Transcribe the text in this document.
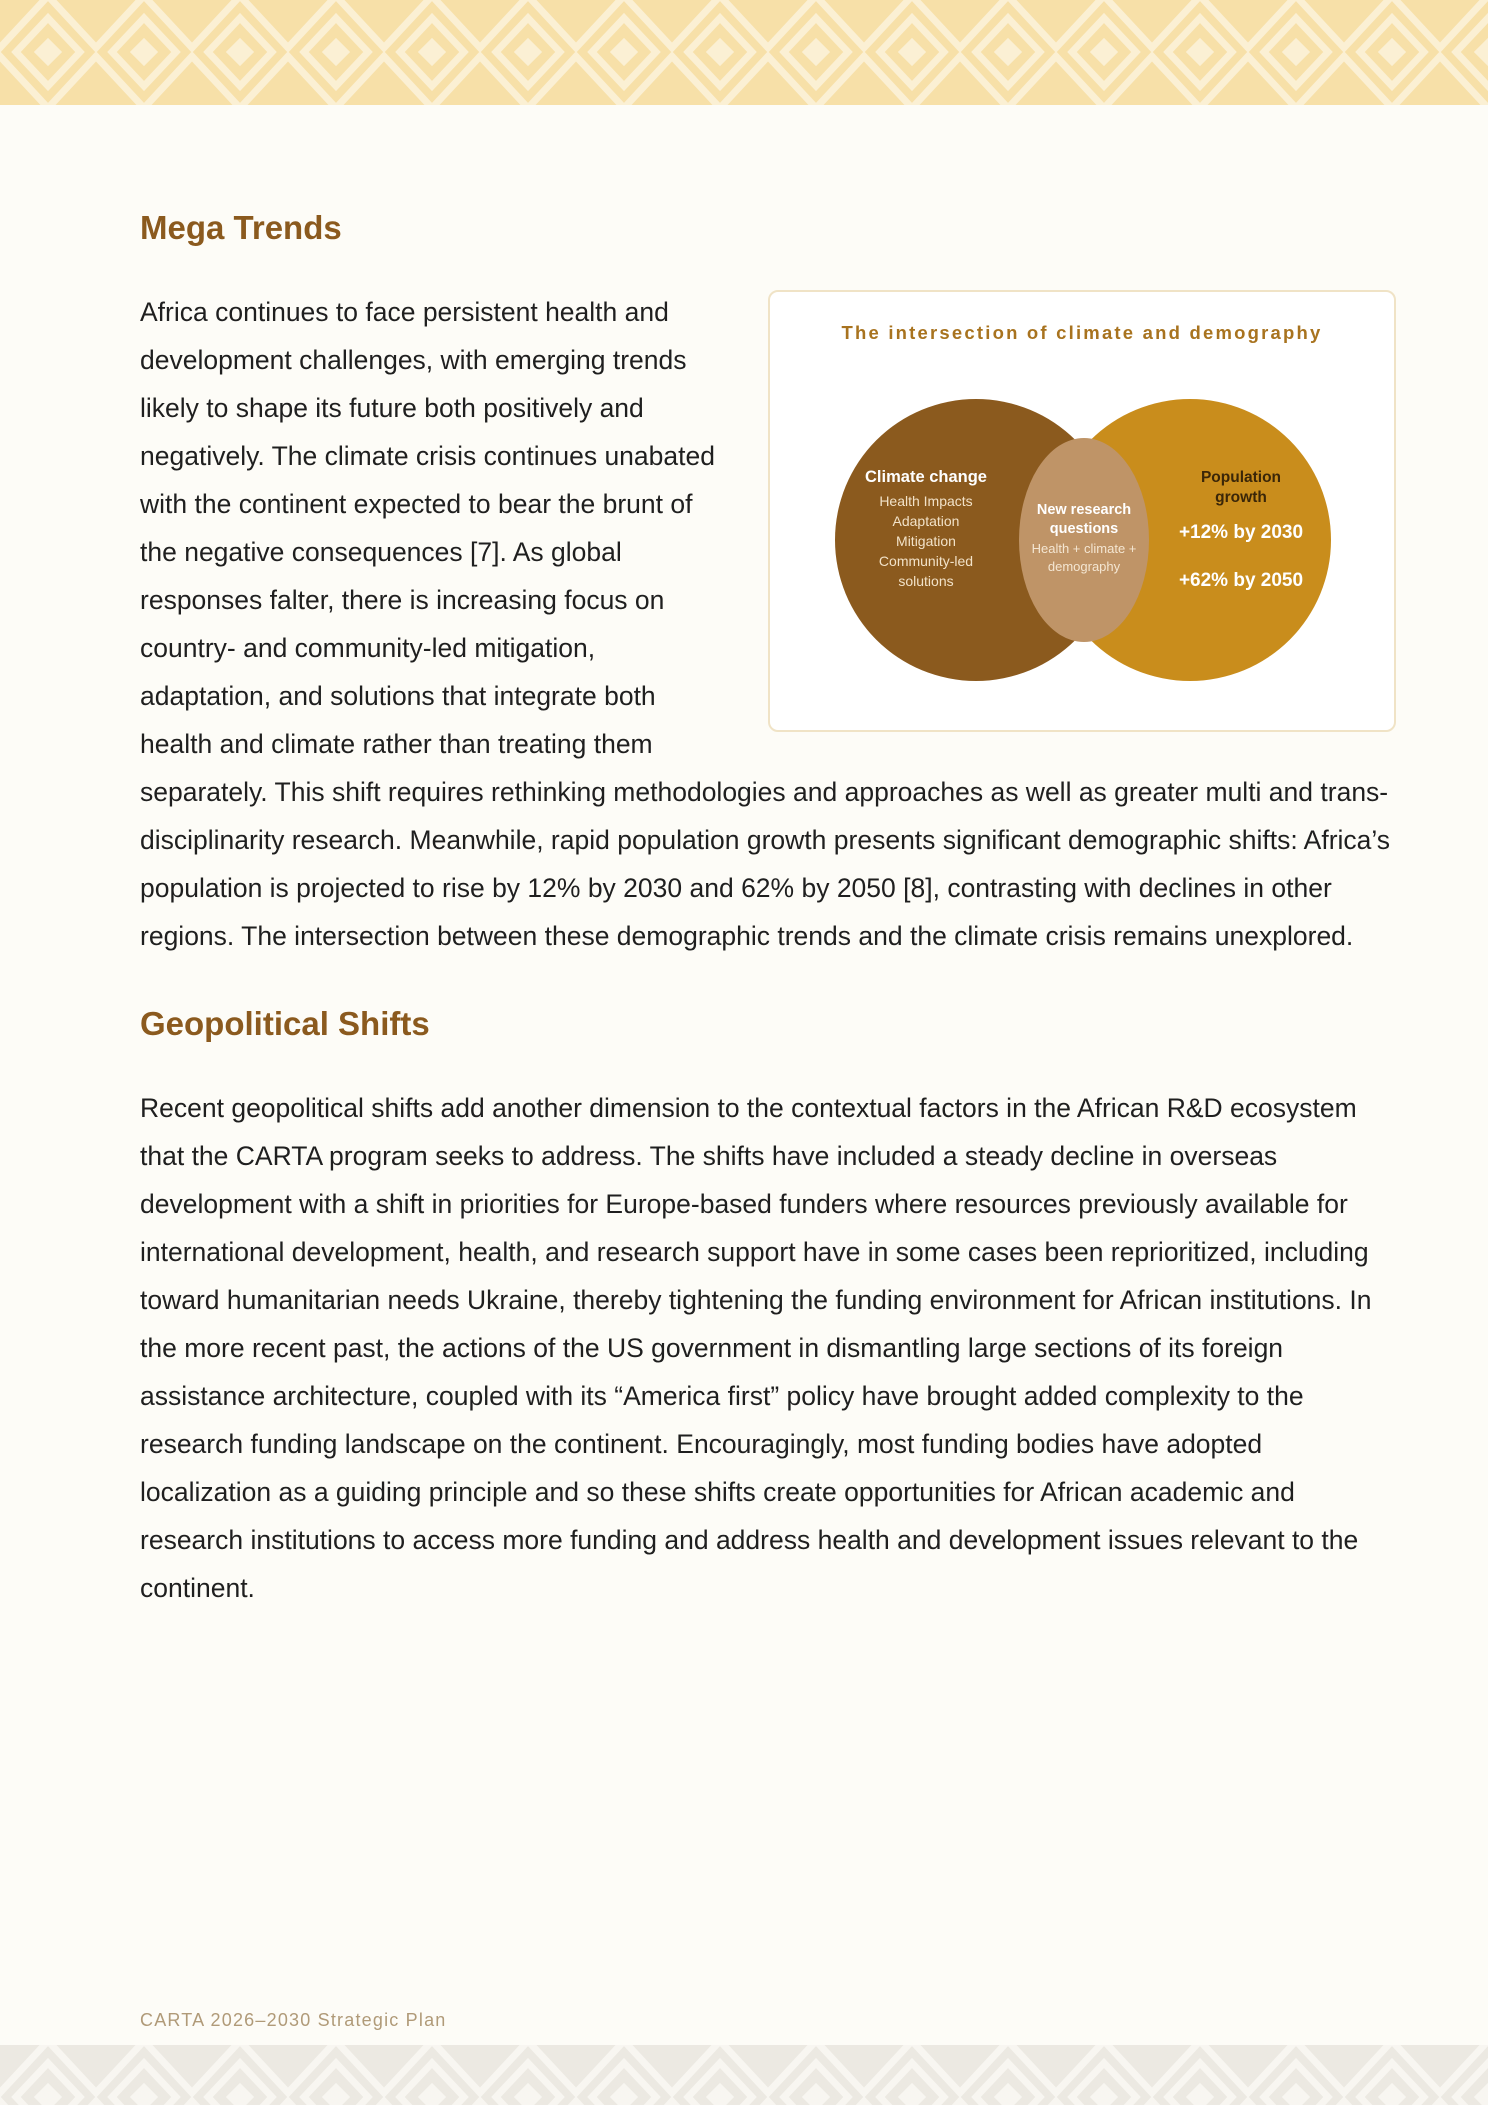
Mega Trends
The intersection of climate and demography
Climate change
Health Impacts
Adaptation
Mitigation
Community-led
solutions
New research
questions
Health + climate +
demography
Population
growth
+12% by 2030
+62% by 2050

Africa continues to face persistent health and development challenges, with emerging trends likely to shape its future both positively and negatively. The climate crisis continues unabated with the continent expected to bear the brunt of the negative consequences [7]. As global responses falter, there is increasing focus on country- and community-led mitigation, adaptation, and solutions that integrate both health and climate rather than treating them separately. This shift requires rethinking methodologies and approaches as well as greater multi and trans-disciplinarity research. Meanwhile, rapid population growth presents significant demographic shifts: Africa’s population is projected to rise by 12% by 2030 and 62% by 2050 [8], contrasting with declines in other regions. The intersection between these demographic trends and the climate crisis remains unexplored.

Geopolitical Shifts

Recent geopolitical shifts add another dimension to the contextual factors in the African R&D ecosystem that the CARTA program seeks to address. The shifts have included a steady decline in overseas development with a shift in priorities for Europe-based funders where resources previously available for international development, health, and research support have in some cases been reprioritized, including toward humanitarian needs Ukraine, thereby tightening the funding environment for African institutions. In the more recent past, the actions of the US government in dismantling large sections of its foreign assistance architecture, coupled with its “America first” policy have brought added complexity to the research funding landscape on the continent. Encouragingly, most funding bodies have adopted localization as a guiding principle and so these shifts create opportunities for African academic and research institutions to access more funding and address health and development issues relevant to the continent.

CARTA 2026–2030 Strategic Plan
